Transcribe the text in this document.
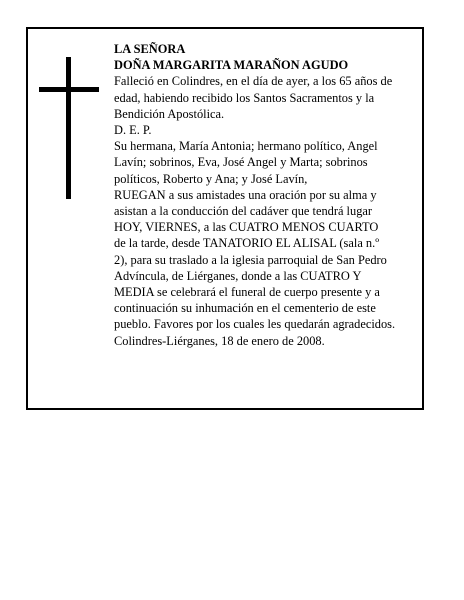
LA SEÑORA
DOÑA MARGARITA MARAÑON AGUDO
Falleció en Colindres, en el día de ayer, a los 65 años de
edad, habiendo recibido los Santos Sacramentos y la
Bendición Apostólica.
D. E. P.
Su hermana, María Antonia; hermano político, Angel
Lavín; sobrinos, Eva, José Angel y Marta; sobrinos
políticos, Roberto y Ana; y José Lavín,
RUEGAN a sus amistades una oración por su alma y
asistan a la conducción del cadáver que tendrá lugar
HOY, VIERNES, a las CUATRO MENOS CUARTO
de la tarde, desde TANATORIO EL ALISAL (sala n.º
2), para su traslado a la iglesia parroquial de San Pedro
Advíncula, de Liérganes, donde a las CUATRO Y
MEDIA se celebrará el funeral de cuerpo presente y a
continuación su inhumación en el cementerio de este
pueblo. Favores por los cuales les quedarán agradecidos.
Colindres-Liérganes, 18 de enero de 2008.
